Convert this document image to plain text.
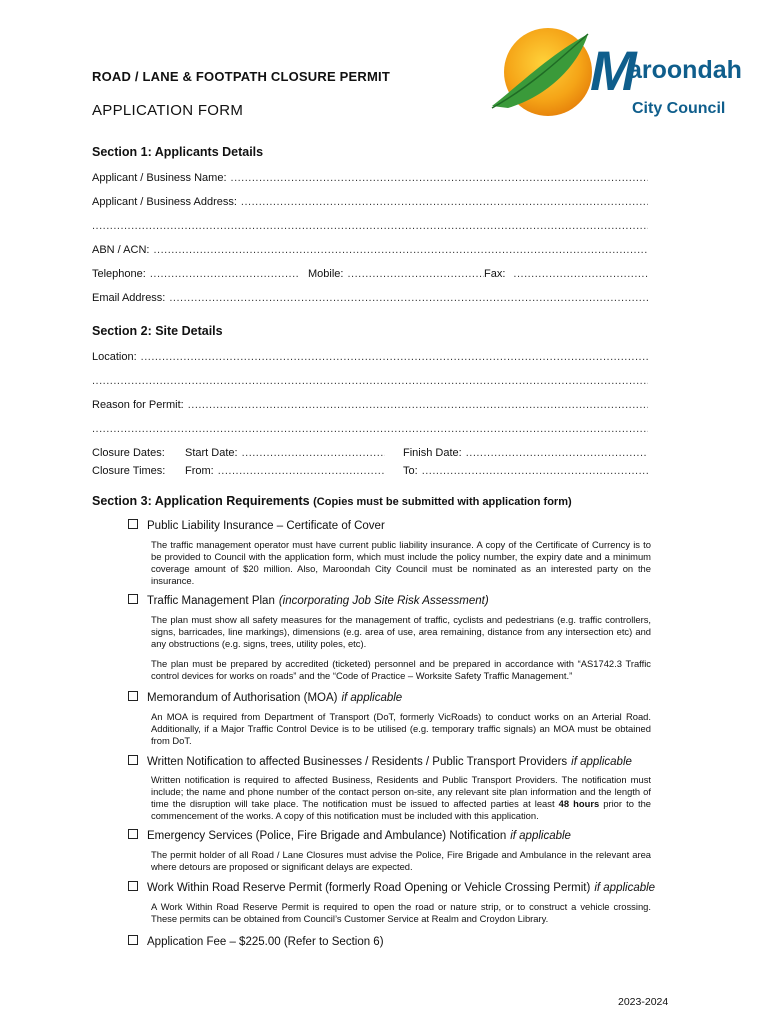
ROAD / LANE & FOOTPATH CLOSURE PERMIT
APPLICATION FORM
M
aroondah
City Council
Section 1: Applicants Details
Applicant / Business Name:
.....
Applicant / Business Address:
.....
.....
ABN / ACN:
.....
Telephone: .....	Mobile: .....	Fax:
.....
Email Address:
.....
Section 2: Site Details
Location:
.....
.....
Reason for Permit:
.....
.....
Closure Dates:	Start Date: .....	Finish Date:
.....
Closure Times:	From: .....	To:
.....
Section 3: Application Requirements (Copies must be submitted with application form)
Public Liability Insurance – Certificate of Cover
The traffic management operator must have current public liability insurance. A copy of the Certificate of Currency is to be provided to Council with the application form, which must include the policy number, the expiry date and a minimum coverage amount of $20 million. Also, Maroondah City Council must be nominated as an interested party on the insurance.
Traffic Management Plan (incorporating Job Site Risk Assessment)
The plan must show all safety measures for the management of traffic, cyclists and pedestrians (e.g. traffic controllers, signs, barricades, line markings), dimensions (e.g. area of use, area remaining, distance from any intersection etc) and any obstructions (e.g. signs, trees, utility poles, etc).
The plan must be prepared by accredited (ticketed) personnel and be prepared in accordance with “AS1742.3 Traffic control devices for works on roads” and the “Code of Practice – Worksite Safety Traffic Management.”
Memorandum of Authorisation (MOA) if applicable
An MOA is required from Department of Transport (DoT, formerly VicRoads) to conduct works on an Arterial Road. Additionally, if a Major Traffic Control Device is to be utilised (e.g. temporary traffic signals) an MOA must be obtained from DoT.
Written Notification to affected Businesses / Residents / Public Transport Providers if applicable
Written notification is required to affected Business, Residents and Public Transport Providers. The notification must include; the name and phone number of the contact person on-site, any relevant site plan information and the length of time the disruption will take place. The notification must be issued to affected parties at least 48 hours prior to the commencement of the works. A copy of this notification must be included with this application.
Emergency Services (Police, Fire Brigade and Ambulance) Notification if applicable
The permit holder of all Road / Lane Closures must advise the Police, Fire Brigade and Ambulance in the relevant area where detours are proposed or significant delays are expected.
Work Within Road Reserve Permit (formerly Road Opening or Vehicle Crossing Permit) if applicable
A Work Within Road Reserve Permit is required to open the road or nature strip, or to construct a vehicle crossing. These permits can be obtained from Council’s Customer Service at Realm and Croydon Library.
Application Fee – $225.00 (Refer to Section 6)
2023-2024
